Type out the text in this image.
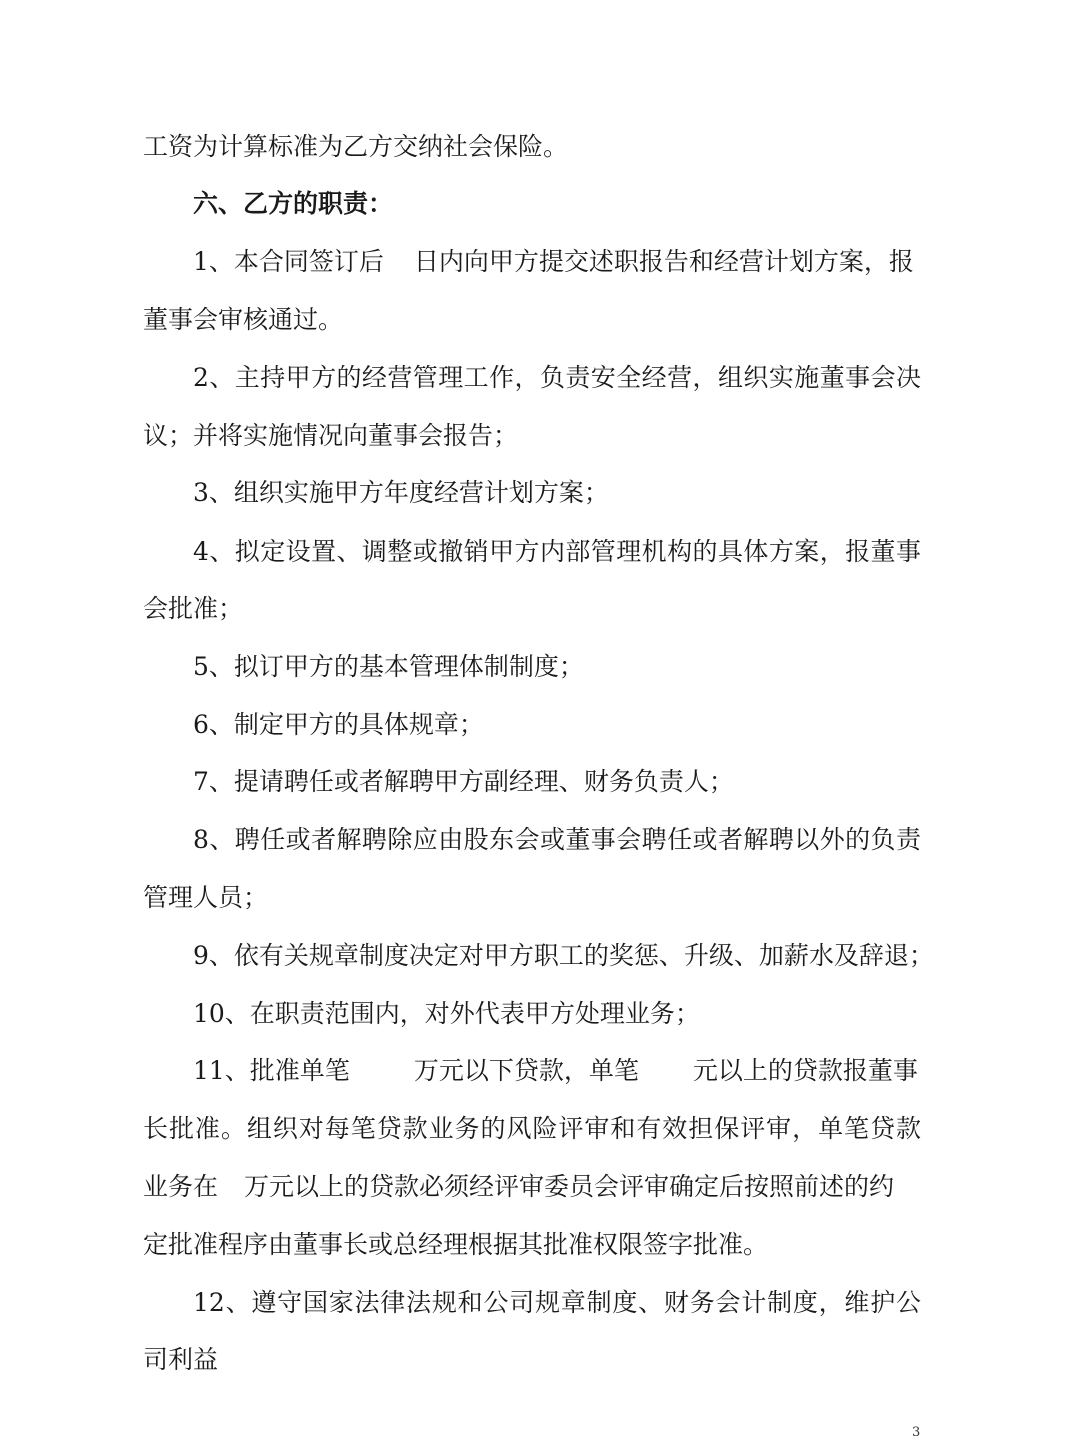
工资为计算标准为乙方交纳社会保险。
六、乙方的职责：
1、本合同签订后 日内向甲方提交述职报告和经营计划方案，报
董事会审核通过。
2、主持甲方的经营管理工作，负责安全经营，组织实施董事会决
议；并将实施情况向董事会报告；
3、组织实施甲方年度经营计划方案；
4、拟定设置、调整或撤销甲方内部管理机构的具体方案，报董事
会批准；
5、拟订甲方的基本管理体制制度；
6、制定甲方的具体规章；
7、提请聘任或者解聘甲方副经理、财务负责人；
8、聘任或者解聘除应由股东会或董事会聘任或者解聘以外的负责
管理人员；
9、依有关规章制度决定对甲方职工的奖惩、升级、加薪水及辞退；
10、在职责范围内，对外代表甲方处理业务；
11、批准单笔	万元以下贷款，单笔 元以上的贷款报董事
长批准。组织对每笔贷款业务的风险评审和有效担保评审，单笔贷款
业务在 万元以上的贷款必须经评审委员会评审确定后按照前述的约
定批准程序由董事长或总经理根据其批准权限签字批准。
12、遵守国家法律法规和公司规章制度、财务会计制度，维护公
司利益
3
